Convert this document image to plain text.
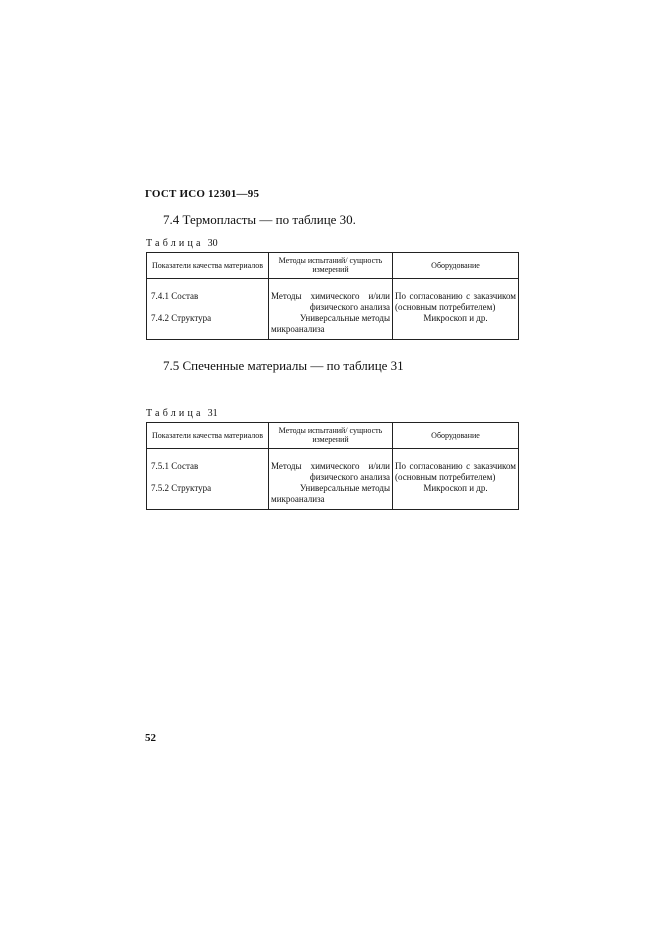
ГОСТ ИСО 12301—95
7.4 Термопласты — по таблице 30.
Таблица 30
Показатели качества материалов	Методы испытаний/ сущность измерений	Оборудование

7.4.1 Состав	Методы химического и/или физического анализа	По согласованию с заказчиком (основным потребителем)
7.4.2 Структура	Универсальные методы микроанализа	Микроскоп и др.
7.5 Спеченные материалы — по таблице 31
Таблица 31
Показатели качества материалов	Методы испытаний/ сущность измерений	Оборудование

7.5.1 Состав	Методы химического и/или физического анализа	По согласованию с заказчиком (основным потребителем)
7.5.2 Структура	Универсальные методы микроанализа	Микроскоп и др.
52
